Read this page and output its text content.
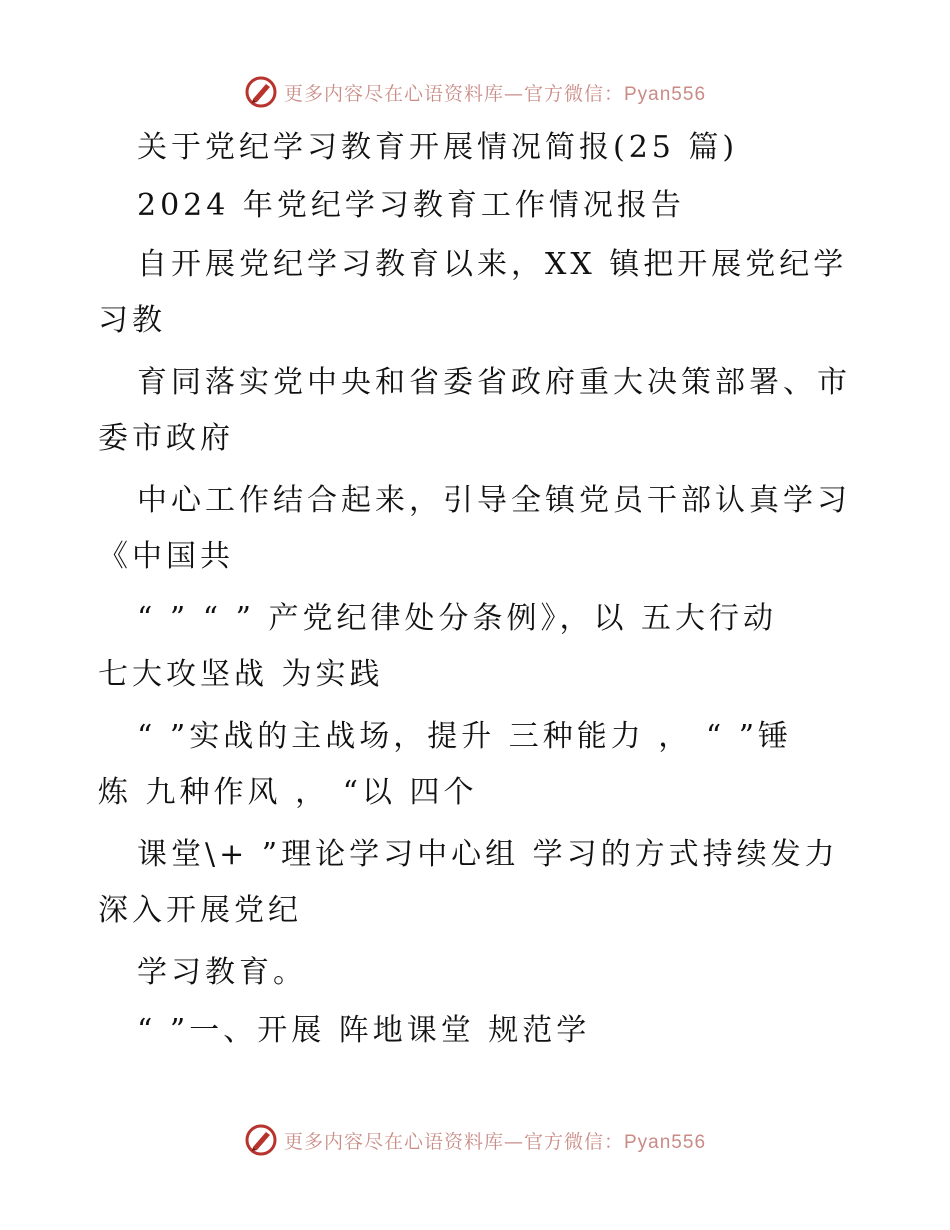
更多内容尽在心语资料库—官方微信：Pyan556
关于党纪学习教育开展情况简报(25 篇)
2024 年党纪学习教育工作情况报告
自开展党纪学习教育以来，XX 镇把开展党纪学
习教
育同落实党中央和省委省政府重大决策部署、市
委市政府
中心工作结合起来，引导全镇党员干部认真学习
《中国共
“ ” “ ” 产党纪律处分条例》，以 五大行动
七大攻坚战 为实践
“ ”实战的主战场，提升 三种能力 ， “ ”锤
炼 九种作风 ， “以 四个
课堂\+ ”理论学习中心组 学习的方式持续发力
深入开展党纪
学习教育。
“ ”一、开展 阵地课堂 规范学
更多内容尽在心语资料库—官方微信：Pyan556
